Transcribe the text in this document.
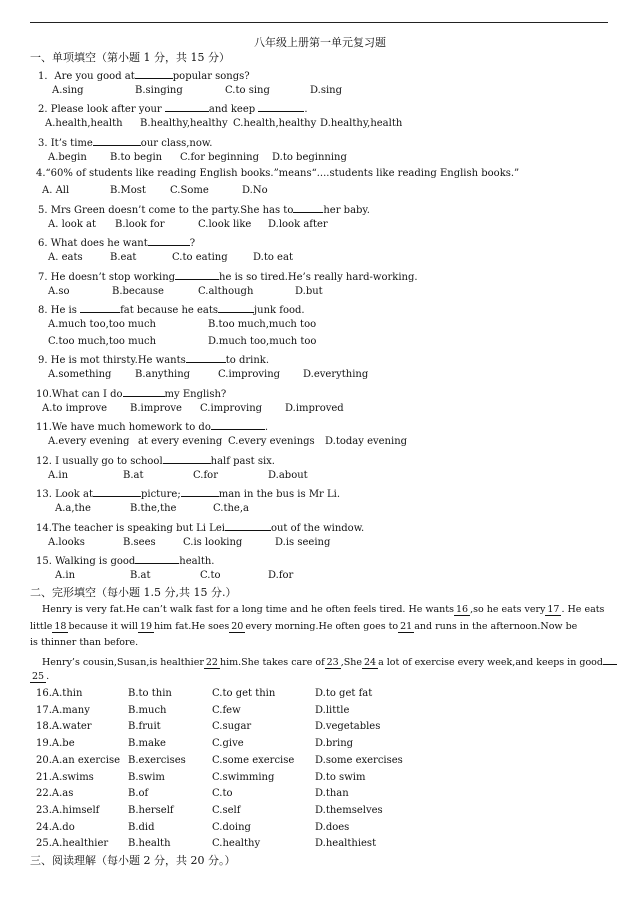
八年级上册第一单元复习题
一、单项填空（第小题 1 分，共 15 分）
1．Are you good at	popular songs?
A.sing	B.singing	C.to sing	D.sing
2. Please look after your	and keep	.
A.health,health B.healthy,healthy C.health,healthy D.healthy,health
3. It’s time	our class,now.
A.begin B.to begin C.for beginning D.to beginning
4.“60% of students like reading English books.”means“....students like reading English books.”
A. All	B.Most C.Some	D.No
5. Mrs Green doesn’t come to the party.She has to	her baby.
A. look at B.look for	C.look like D.look after
6. What does he want	?
A. eats	B.eat	C.to eating	D.to eat
7. He doesn’t stop working	he is so tired.He’s really hard-working.
A.so	B.because	C.although	D.but
8. He is	fat because he eats	junk food.
A.much too,too much	B.too much,much too
C.too much,too much	D.much too,much too
9. He is mot thirsty.He wants	to drink.
A.something B.anything	C.improving D.everything
10.What can I do	my English?
A.to improve B.improve C.improving D.improved
11.We have much homework to do	.
A.every evening at every evening C.every evenings D.today evening
12. I usually go to school	half past six.
A.in	B.at	C.for	D.about
13. Look at	picture;	man in the bus is Mr Li.
A.a,the	B.the,the	C.the,a
14.The teacher is speaking but Li Lei	out of the window.
A.looks	B.sees	C.is looking	D.is seeing
15. Walking is good	health.
A.in	B.at	C.to	D.for
二、完形填空（每小题 1.5 分,共 15 分.）
Henry is very fat.He can’t walk fast for a long time and he often feels tired. He wants 16 ,so he eats very 17 . He eats
little 18 because it will 19 him fat.He soes 20 every morning.He often goes to 21 and runs in the afternoon.Now be
is thinner than before.
Henry’s cousin,Susan,is healthier 22 him.She takes care of 23 ,She 24 a lot of exercise every week,and keeps in good
25 .
16.A.thin	B.to thin	C.to get thin	D.to get fat
17.A.many	B.much	C.few	D.little
18.A.water	B.fruit	C.sugar	D.vegetables
19.A.be	B.make	C.give	D.bring
20.A.an exercise B.exercises	C.some exercise D.some exercises
21.A.swims	B.swim	C.swimming	D.to swim
22.A.as	B.of	C.to	D.than
23.A.himself	B.herself	C.self	D.themselves
24.A.do	B.did	C.doing	D.does
25.A.healthier B.health	C.healthy	D.healthiest
三、阅读理解（每小题 2 分，共 20 分。）
